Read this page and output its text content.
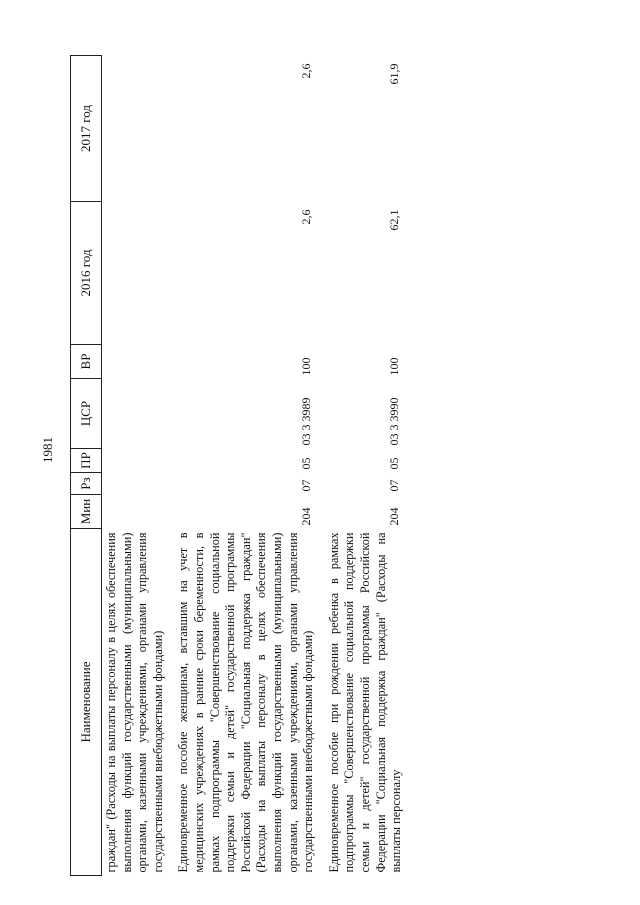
1981
Наименование	Мин	Рз	ПР	ЦСР	ВР	2016 год	2017 год
граждан" (Расходы на выплаты персоналу в целях обеспечения выполнения функций государственными (муниципальными) органами, казенными учреждениями, органами управления государственными внебюджетными фондами)							

Единовременное пособие женщинам, вставшим на учет в медицинских учреждениях в ранние сроки беременности, в рамках подпрограммы "Совершенствование социальной поддержки семьи и детей" государственной программы Российской Федерации "Социальная поддержка граждан" (Расходы на выплаты персоналу в целях обеспечения выполнения функций государственными (муниципальными) органами, казенными учреждениями, органами управления государственными внебюджетными фондами)	204	07	05	03 3 3989	100	2,6	2,6

Единовременное пособие при рождении ребенка в рамках подпрограммы "Совершенствование социальной поддержки семьи и детей" государственной программы Российской Федерации "Социальная поддержка граждан" (Расходы на выплаты персоналу	204	07	05	03 3 3990	100	62,1	61,9
